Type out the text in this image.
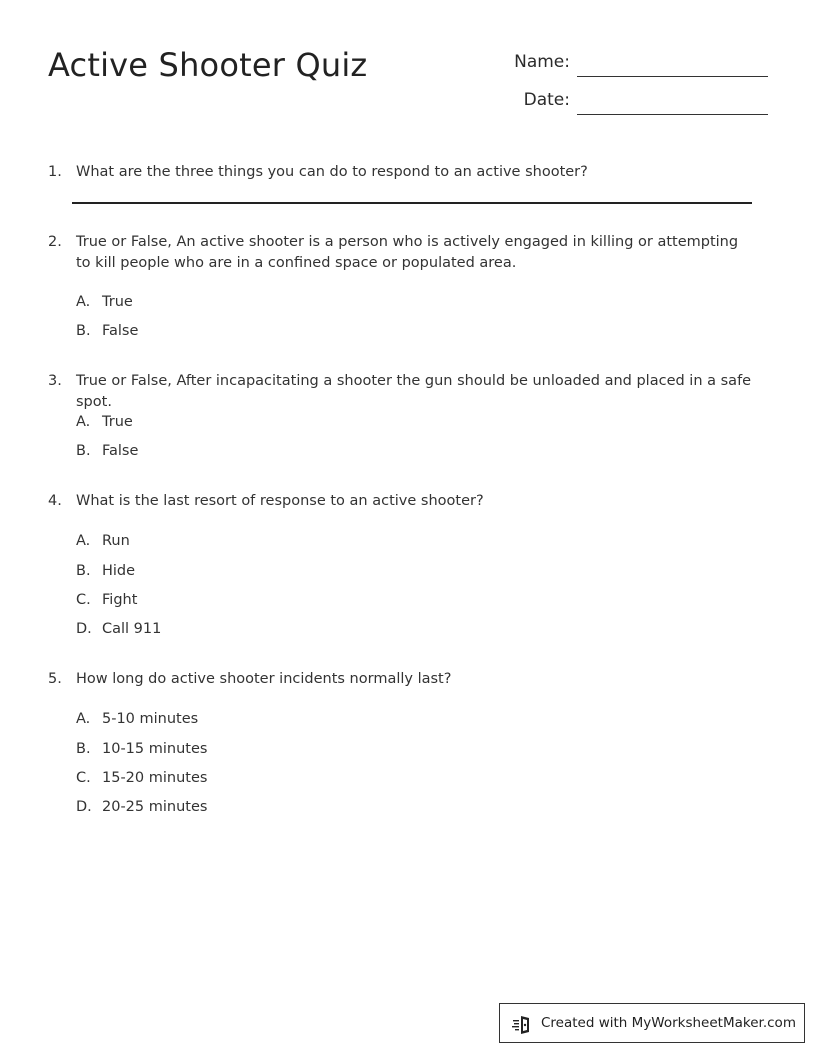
Active Shooter Quiz	Name:
Date:
1. What are the three things you can do to respond to an active shooter?
2. True or False, An active shooter is a person who is actively engaged in killing or attempting to kill people who are in a confined space or populated area.
A. True
B. False
3. True or False, After incapacitating a shooter the gun should be unloaded and placed in a safe spot.
A. True
B. False
4. What is the last resort of response to an active shooter?
A. Run
B. Hide
C. Fight
D. Call 911
5. How long do active shooter incidents normally last?
A. 5-10 minutes
B. 10-15 minutes
C. 15-20 minutes
D. 20-25 minutes
Created with MyWorksheetMaker.com
